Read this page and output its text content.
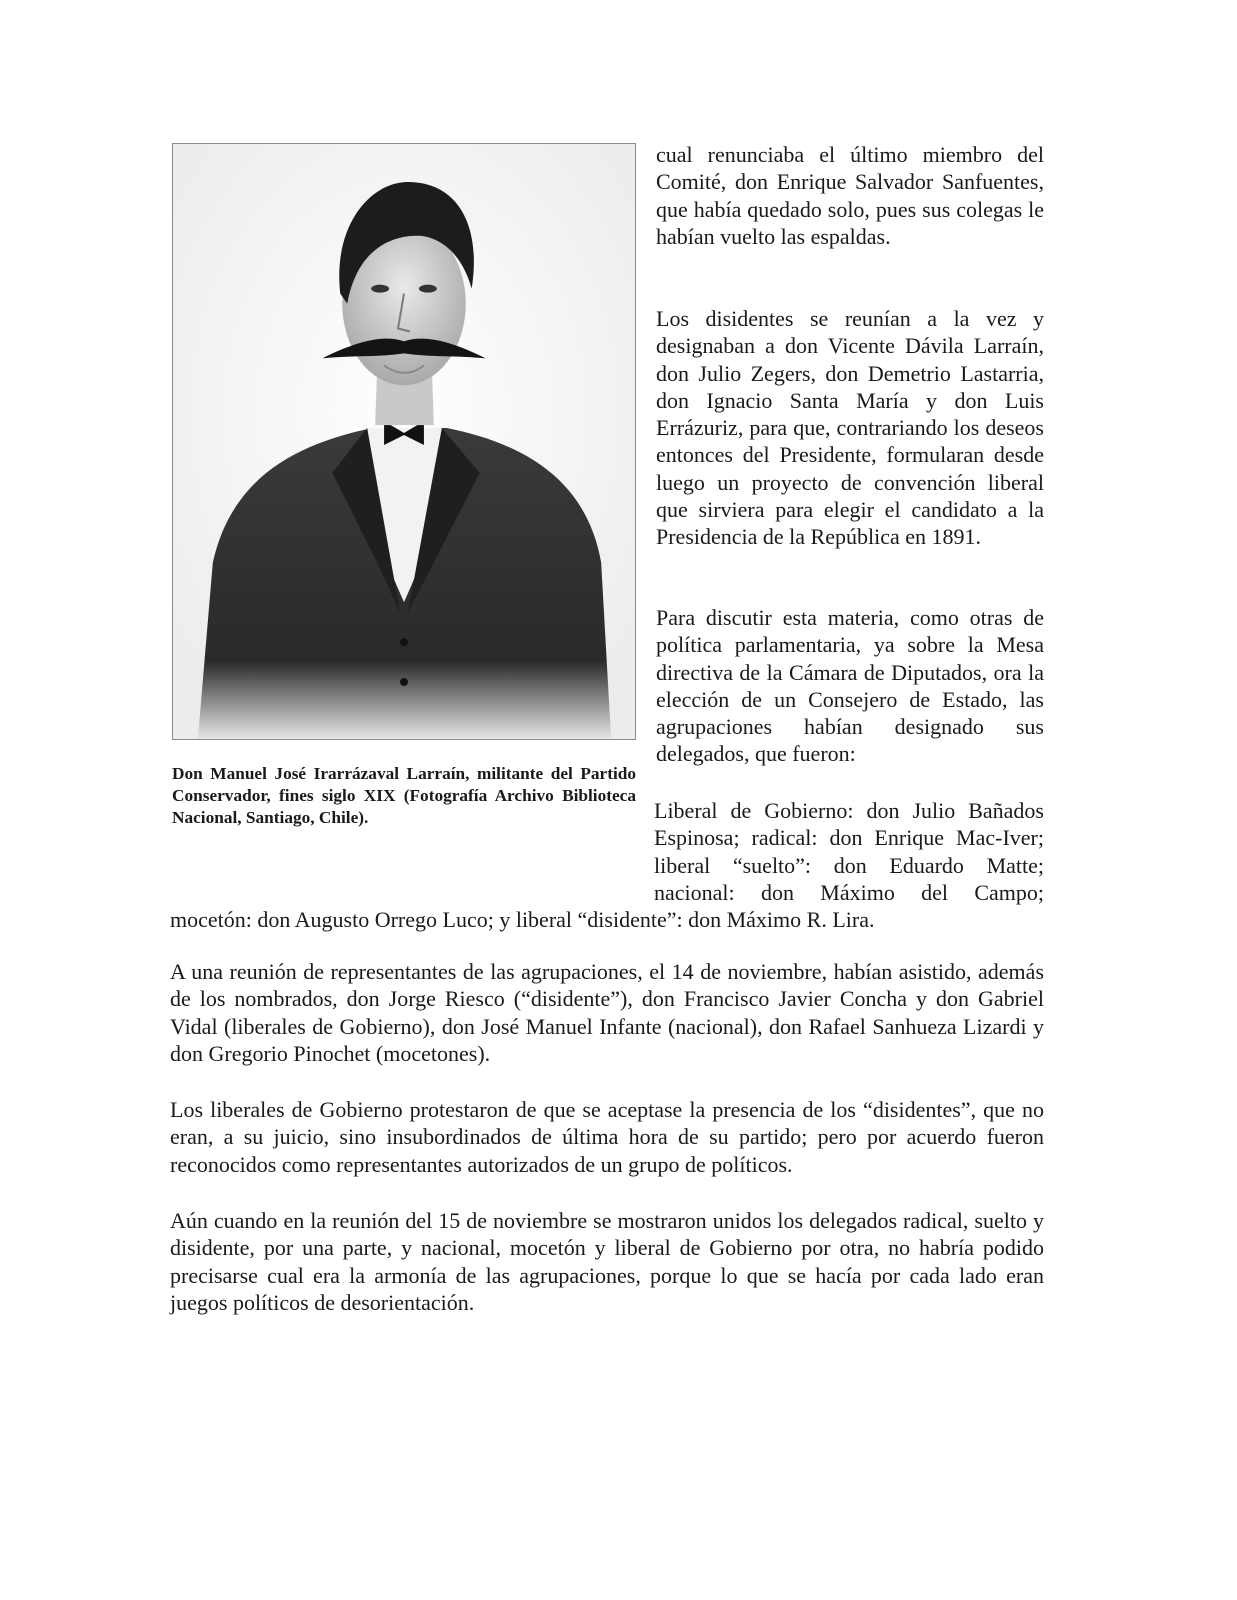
Don Manuel José Irarrázaval Larraín, militante del Partido Conservador, fines siglo XIX (Fotografía Archivo Biblioteca Nacional, Santiago, Chile).

cual renunciaba el último miembro del Comité, don Enrique Salvador Sanfuentes, que había quedado solo, pues sus colegas le habían vuelto las espaldas.

Los disidentes se reunían a la vez y designaban a don Vicente Dávila Larraín, don Julio Zegers, don Demetrio Lastarria, don Ignacio Santa María y don Luis Errázuriz, para que, contrariando los deseos entonces del Presidente, formularan desde luego un proyecto de convención liberal que sirviera para elegir el candidato a la Presidencia de la República en 1891.

Para discutir esta materia, como otras de política parlamentaria, ya sobre la Mesa directiva de la Cámara de Diputados, ora la elección de un Consejero de Estado, las agrupaciones habían designado sus delegados, que fueron:

Liberal de Gobierno: don Julio Bañados Espinosa; radical: don Enrique Mac-Iver; liberal “suelto”: don Eduardo Matte; nacional: don Máximo del Campo; mocetón: don Augusto Orrego Luco; y liberal “disidente”: don Máximo R. Lira.

A una reunión de representantes de las agrupaciones, el 14 de noviembre, habían asistido, además de los nombrados, don Jorge Riesco (“disidente”), don Francisco Javier Concha y don Gabriel Vidal (liberales de Gobierno), don José Manuel Infante (nacional), don Rafael Sanhueza Lizardi y don Gregorio Pinochet (mocetones).

Los liberales de Gobierno protestaron de que se aceptase la presencia de los “disidentes”, que no eran, a su juicio, sino insubordinados de última hora de su partido; pero por acuerdo fueron reconocidos como representantes autorizados de un grupo de políticos.

Aún cuando en la reunión del 15 de noviembre se mostraron unidos los delegados radical, suelto y disidente, por una parte, y nacional, mocetón y liberal de Gobierno por otra, no habría podido precisarse cual era la armonía de las agrupaciones, porque lo que se hacía por cada lado eran juegos políticos de desorientación.
